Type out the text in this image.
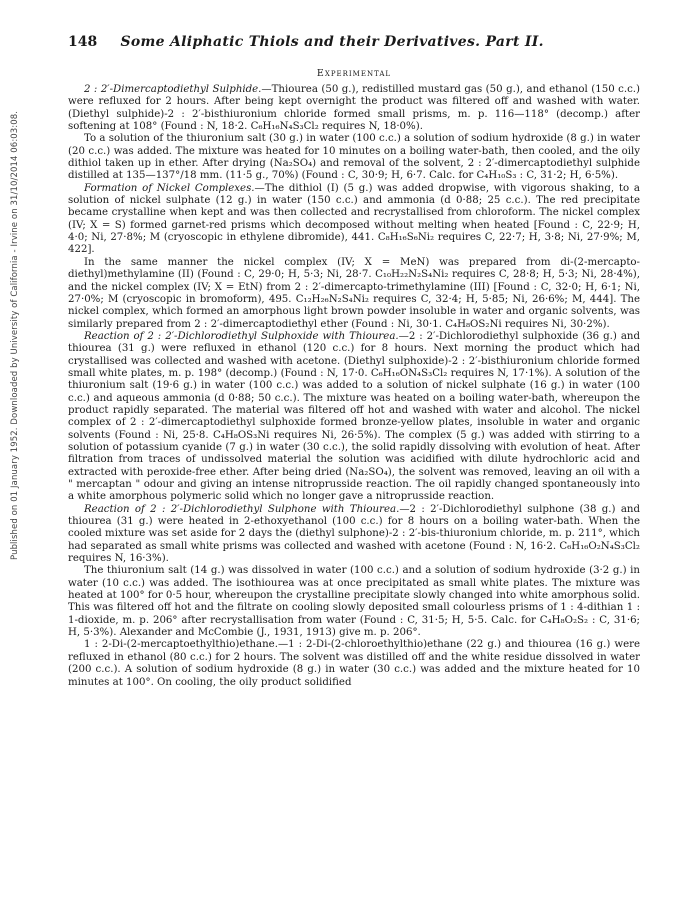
Published on 01 January 1952. Downloaded by University of California - Irvine on 31/10/2014 06:03:08.
148 Some Aliphatic Thiols and their Derivatives. Part II.
Experimental

2 : 2′-Dimercaptodiethyl Sulphide.—Thiourea (50 g.), redistilled mustard gas (50 g.), and ethanol (150 c.c.) were refluxed for 2 hours. After being kept overnight the product was filtered off and washed with water. (Diethyl sulphide)-2 : 2′-bisthiuronium chloride formed small prisms, m. p. 116—118° (decomp.) after softening at 108° (Found : N, 18·2. C₆H₁₆N₄S₃Cl₂ requires N, 18·0%).

To a solution of the thiuronium salt (30 g.) in water (100 c.c.) a solution of sodium hydroxide (8 g.) in water (20 c.c.) was added. The mixture was heated for 10 minutes on a boiling water-bath, then cooled, and the oily dithiol taken up in ether. After drying (Na₂SO₄) and removal of the solvent, 2 : 2′-dimercaptodiethyl sulphide distilled at 135—137°/18 mm. (11·5 g., 70%) (Found : C, 30·9; H, 6·7. Calc. for C₄H₁₀S₃ : C, 31·2; H, 6·5%).

Formation of Nickel Complexes.—The dithiol (I) (5 g.) was added dropwise, with vigorous shaking, to a solution of nickel sulphate (12 g.) in water (150 c.c.) and ammonia (d 0·88; 25 c.c.). The red precipitate became crystalline when kept and was then collected and recrystallised from chloroform. The nickel complex (IV; X = S) formed garnet-red prisms which decomposed without melting when heated [Found : C, 22·9; H, 4·0; Ni, 27·8%; M (cryoscopic in ethylene dibromide), 441. C₈H₁₆S₆Ni₂ requires C, 22·7; H, 3·8; Ni, 27·9%; M, 422].

In the same manner the nickel complex (IV; X = MeN) was prepared from di-(2-mercapto-diethyl)methylamine (II) (Found : C, 29·0; H, 5·3; Ni, 28·7. C₁₀H₂₂N₂S₄Ni₂ requires C, 28·8; H, 5·3; Ni, 28·4%), and the nickel complex (IV; X = EtN) from 2 : 2′-dimercapto-trimethylamine (III) [Found : C, 32·0; H, 6·1; Ni, 27·0%; M (cryoscopic in bromoform), 495. C₁₂H₂₆N₂S₄Ni₂ requires C, 32·4; H, 5·85; Ni, 26·6%; M, 444]. The nickel complex, which formed an amorphous light brown powder insoluble in water and organic solvents, was similarly prepared from 2 : 2′-dimercaptodiethyl ether (Found : Ni, 30·1. C₄H₈OS₂Ni requires Ni, 30·2%).

Reaction of 2 : 2′-Dichlorodiethyl Sulphoxide with Thiourea.—2 : 2′-Dichlorodiethyl sulphoxide (36 g.) and thiourea (31 g.) were refluxed in ethanol (120 c.c.) for 8 hours. Next morning the product which had crystallised was collected and washed with acetone. (Diethyl sulphoxide)-2 : 2′-bisthiuronium chloride formed small white plates, m. p. 198° (decomp.) (Found : N, 17·0. C₆H₁₆ON₄S₃Cl₂ requires N, 17·1%). A solution of the thiuronium salt (19·6 g.) in water (100 c.c.) was added to a solution of nickel sulphate (16 g.) in water (100 c.c.) and aqueous ammonia (d 0·88; 50 c.c.). The mixture was heated on a boiling water-bath, whereupon the product rapidly separated. The material was filtered off hot and washed with water and alcohol. The nickel complex of 2 : 2′-dimercaptodiethyl sulphoxide formed bronze-yellow plates, insoluble in water and organic solvents (Found : Ni, 25·8. C₄H₈OS₃Ni requires Ni, 26·5%). The complex (5 g.) was added with stirring to a solution of potassium cyanide (7 g.) in water (30 c.c.), the solid rapidly dissolving with evolution of heat. After filtration from traces of undissolved material the solution was acidified with dilute hydrochloric acid and extracted with peroxide-free ether. After being dried (Na₂SO₄), the solvent was removed, leaving an oil with a " mercaptan " odour and giving an intense nitroprusside reaction. The oil rapidly changed spontaneously into a white amorphous polymeric solid which no longer gave a nitroprusside reaction.

Reaction of 2 : 2′-Dichlorodiethyl Sulphone with Thiourea.—2 : 2′-Dichlorodiethyl sulphone (38 g.) and thiourea (31 g.) were heated in 2-ethoxyethanol (100 c.c.) for 8 hours on a boiling water-bath. When the cooled mixture was set aside for 2 days the (diethyl sulphone)-2 : 2′-bis-thiuronium chloride, m. p. 211°, which had separated as small white prisms was collected and washed with acetone (Found : N, 16·2. C₆H₁₆O₂N₄S₃Cl₂ requires N, 16·3%).

The thiuronium salt (14 g.) was dissolved in water (100 c.c.) and a solution of sodium hydroxide (3·2 g.) in water (10 c.c.) was added. The isothiourea was at once precipitated as small white plates. The mixture was heated at 100° for 0·5 hour, whereupon the crystalline precipitate slowly changed into white amorphous solid. This was filtered off hot and the filtrate on cooling slowly deposited small colourless prisms of 1 : 4-dithian 1 : 1-dioxide, m. p. 206° after recrystallisation from water (Found : C, 31·5; H, 5·5. Calc. for C₄H₈O₂S₂ : C, 31·6; H, 5·3%). Alexander and McCombie (J., 1931, 1913) give m. p. 206°.

1 : 2-Di-(2-mercaptoethylthio)ethane.—1 : 2-Di-(2-chloroethylthio)ethane (22 g.) and thiourea (16 g.) were refluxed in ethanol (80 c.c.) for 2 hours. The solvent was distilled off and the white residue dissolved in water (200 c.c.). A solution of sodium hydroxide (8 g.) in water (30 c.c.) was added and the mixture heated for 10 minutes at 100°. On cooling, the oily product solidified
